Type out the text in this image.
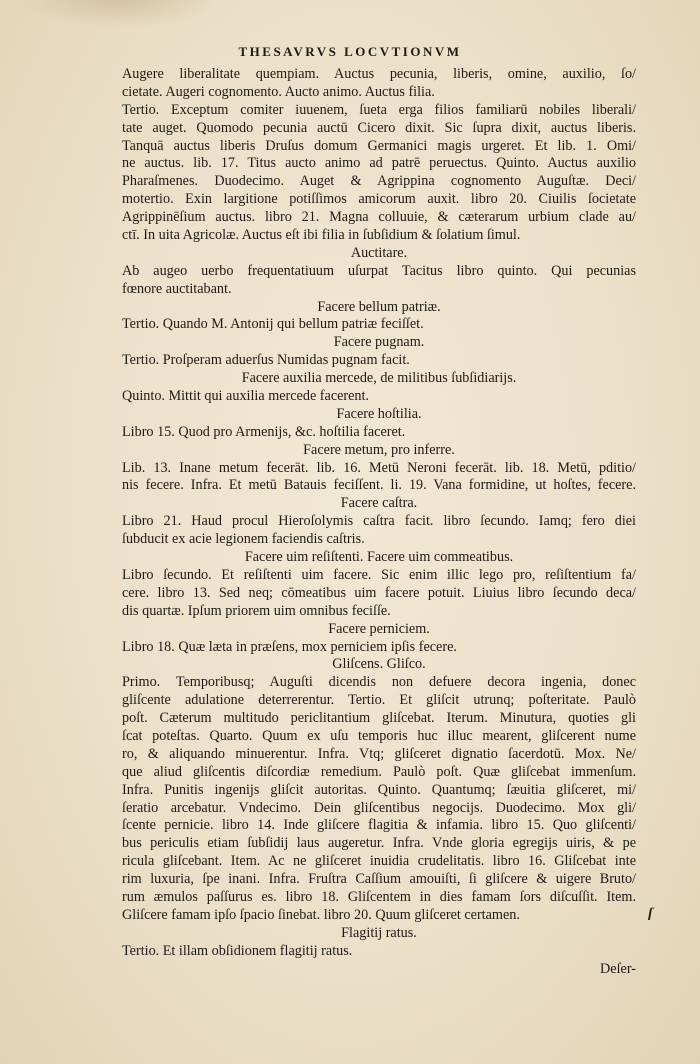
THESAVRVS LOCVTIONVM
Augere liberalitate quempiam. Auctus pecunia, liberis, omine, auxilio, ſo/
cietate. Augeri cognomento. Aucto animo. Auctus filia.
Tertio. Exceptum comiter iuuenem, ſueta erga filios familiarū nobiles liberali/
tate auget. Quomodo pecunia auctū Cicero dixit. Sic ſupra dixit, auctus liberis.
Tanquā auctus liberis Druſus domum Germanici magis urgeret. Et lib. 1. Omi/
ne auctus. lib. 17. Titus aucto animo ad patrē peruectus. Quinto. Auctus auxilio
Pharaſmenes. Duodecimo. Auget & Agrippina cognomento Auguſtæ. Deci/
motertio. Exin largitione potiſſimos amicorum auxit. libro 20. Ciuilis ſocietate
Agrippinēſium auctus. libro 21. Magna colluuie, & cæterarum urbium clade au/
ctī. In uita Agricolæ. Auctus eſt ibi filia in ſubſidium & ſolatium ſimul.
Auctitare.
Ab augeo uerbo frequentatiuum uſurpat Tacitus libro quinto. Qui pecunias
fœnore auctitabant.
Facere bellum patriæ.
Tertio. Quando M. Antonij qui bellum patriæ feciſſet.
Facere pugnam.
Tertio. Proſperam aduerſus Numidas pugnam facit.
Facere auxilia mercede, de militibus ſubſidiarijs.
Quinto. Mittit qui auxilia mercede facerent.
Facere hoſtilia.
Libro 15. Quod pro Armenijs, &c. hoſtilia faceret.
Facere metum, pro inferre.
Lib. 13. Inane metum fecerāt. lib. 16. Metū Neroni fecerāt. lib. 18. Metū, pditio/
nis fecere. Infra. Et metū Batauis feciſſent. li. 19. Vana formidine, ut hoſtes, fecere.
Facere caſtra.
Libro 21. Haud procul Hieroſolymis caſtra facit. libro ſecundo. Iamq; fero diei
ſubducit ex acie legionem faciendis caſtris.
Facere uim reſiſtenti. Facere uim commeatibus.
Libro ſecundo. Et reſiſtenti uim facere. Sic enim illic lego pro, reſiſtentium fa/
cere. libro 13. Sed neq; cōmeatibus uim facere potuit. Liuius libro ſecundo deca/
dis quartæ. Ipſum priorem uim omnibus feciſſe.
Facere perniciem.
Libro 18. Quæ læta in præſens, mox perniciem ipſis fecere.
Gliſcens. Gliſco.
Primo. Temporibusq; Auguſti dicendis non defuere decora ingenia, donec
gliſcente adulatione deterrerentur. Tertio. Et gliſcit utrunq; poſteritate. Paulò
poſt. Cæterum multitudo periclitantium gliſcebat. Iterum. Minutura, quoties gli
ſcat poteſtas. Quarto. Quum ex uſu temporis huc illuc mearent, gliſcerent nume
ro, & aliquando minuerentur. Infra. Vtq; gliſceret dignatio ſacerdotū. Mox. Ne/
que aliud gliſcentis diſcordiæ remedium. Paulò poſt. Quæ gliſcebat immenſum.
Infra. Punitis ingenijs gliſcit autoritas. Quinto. Quantumq; ſæuitia gliſceret, mi/
ſeratio arcebatur. Vndecimo. Dein gliſcentibus negocijs. Duodecimo. Mox gli/
ſcente pernicie. libro 14. Inde gliſcere flagitia & infamia. libro 15. Quo gliſcenti/
bus periculis etiam ſubſidij laus augeretur. Infra. Vnde gloria egregijs uiris, & pe
ricula gliſcebant. Item. Ac ne gliſceret inuidia crudelitatis. libro 16. Gliſcebat inte
rim luxuria, ſpe inani. Infra. Fruſtra Caſſium amouiſti, ſi gliſcere & uigere Bruto/
rum æmulos paſſurus es. libro 18. Gliſcentem in dies famam ſors diſcuſſit. Item.
Gliſcere famam ipſo ſpacio ſinebat. libro 20. Quum gliſceret certamen.
Flagitij ratus.
Tertio. Et illam obſidionem flagitij ratus.
Deſer-
ſ
